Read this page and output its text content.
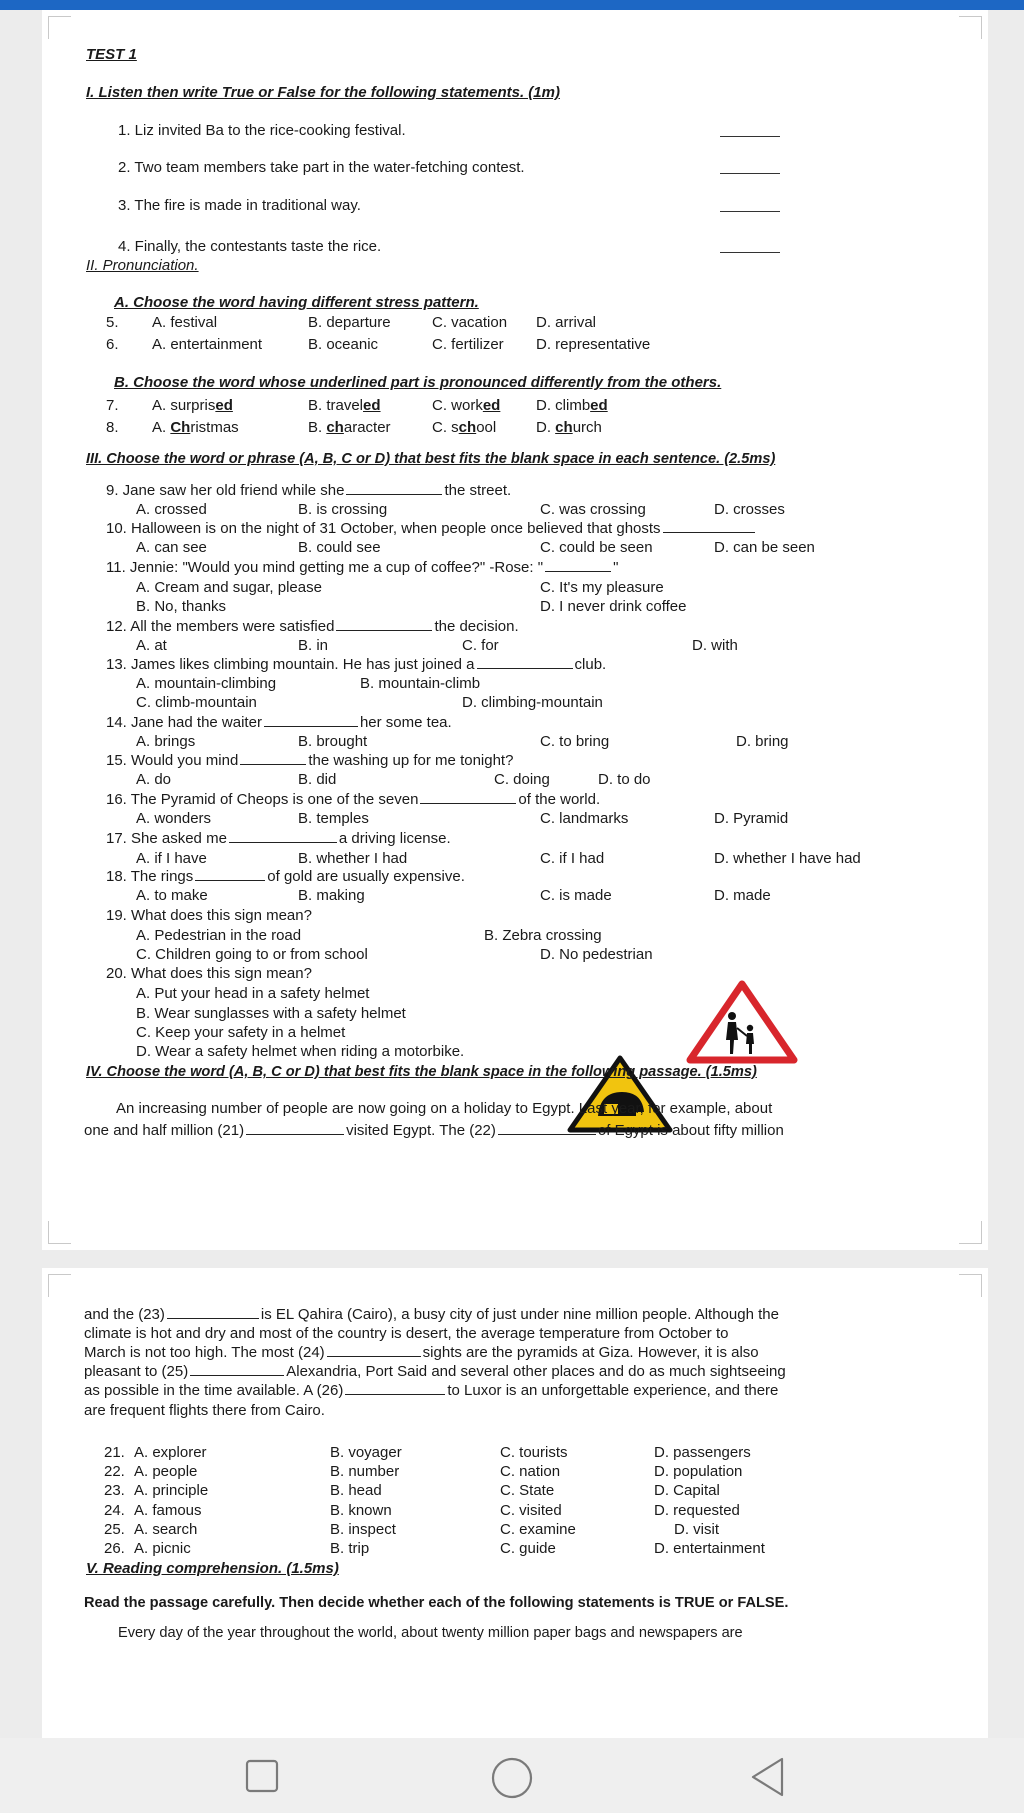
TEST 1
I. Listen then write True or False for the following statements. (1m)
1. Liz invited Ba to the rice-cooking festival.
2. Two team members take part in the water-fetching contest.
3. The fire is made in traditional way.
4. Finally, the contestants taste the rice.
II. Pronunciation.
A. Choose the word having different stress pattern.
5. A. festival	B. departure	C. vacation D. arrival
6. A. entertainment	B. oceanic	C. fertilizer D. representative
B. Choose the word whose underlined part is pronounced differently from the others.
7. A. surprised	B. traveled	C. worked D. climbed
8. A. Christmas	B. character	C. school	D. church
III. Choose the word or phrase (A, B, C or D) that best fits the blank space in each sentence. (2.5ms)
9. Jane saw her old friend while she	the street.
A. crossed	B. is crossing	C. was crossing	D. crosses
10. Halloween is on the night of 31 October, when people once believed that ghosts
A. can see	B. could see	C. could be seen	D. can be seen
11. Jennie: "Would you mind getting me a cup of coffee?" -Rose: "	"
A. Cream and sugar, please	C. It's my pleasure
B. No, thanks	D. I never drink coffee
12. All the members were satisfied	the decision.
A. at	B. in	C. for	D. with
13. James likes climbing mountain. He has just joined a	club.
A. mountain-climbing	B. mountain-climb
C. climb-mountain	D. climbing-mountain
14. Jane had the waiter	her some tea.
A. brings	B. brought	C. to bring	D. bring
15. Would you mind	the washing up for me tonight?
A. do	B. did	C. doing	D. to do
16. The Pyramid of Cheops is one of the seven	of the world.
A. wonders	B. temples	C. landmarks	D. Pyramid
17. She asked me	a driving license.
A. if I have	B. whether I had	C. if I had	D. whether I have had
18. The rings	of gold are usually expensive.
A. to make	B. making	C. is made	D. made
19. What does this sign mean?
A. Pedestrian in the road	B. Zebra crossing
C. Children going to or from school	D. No pedestrian
20. What does this sign mean?
A. Put your head in a safety helmet
B. Wear sunglasses with a safety helmet
C. Keep your safety in a helmet
D. Wear a safety helmet when riding a motorbike.
IV. Choose the word (A, B, C or D) that best fits the blank space in the following passage. (1.5ms)
An increasing number of people are now going on a holiday to Egypt. Last year, for example, about
one and half million (21)	visited Egypt. The (22)	of Egypt is about fifty million
and the (23)	is EL Qahira (Cairo), a busy city of just under nine million people. Although the
climate is hot and dry and most of the country is desert, the average temperature from October to
March is not too high. The most (24)	sights are the pyramids at Giza. However, it is also
pleasant to (25)	Alexandria, Port Said and several other places and do as much sightseeing
as possible in the time available. A (26)	to Luxor is an unforgettable experience, and there
are frequent flights there from Cairo.
21. A. explorer	B. voyager	C. tourists	D. passengers
22. A. people	B. number	C. nation	D. population
23. A. principle	B. head	C. State	D. Capital
24. A. famous	B. known	C. visited	D. requested
25. A. search	B. inspect	C. examine	D. visit
26. A. picnic	B. trip	C. guide	D. entertainment
V. Reading comprehension. (1.5ms)
Read the passage carefully. Then decide whether each of the following statements is TRUE or FALSE.
Every day of the year throughout the world, about twenty million paper bags and newspapers are
